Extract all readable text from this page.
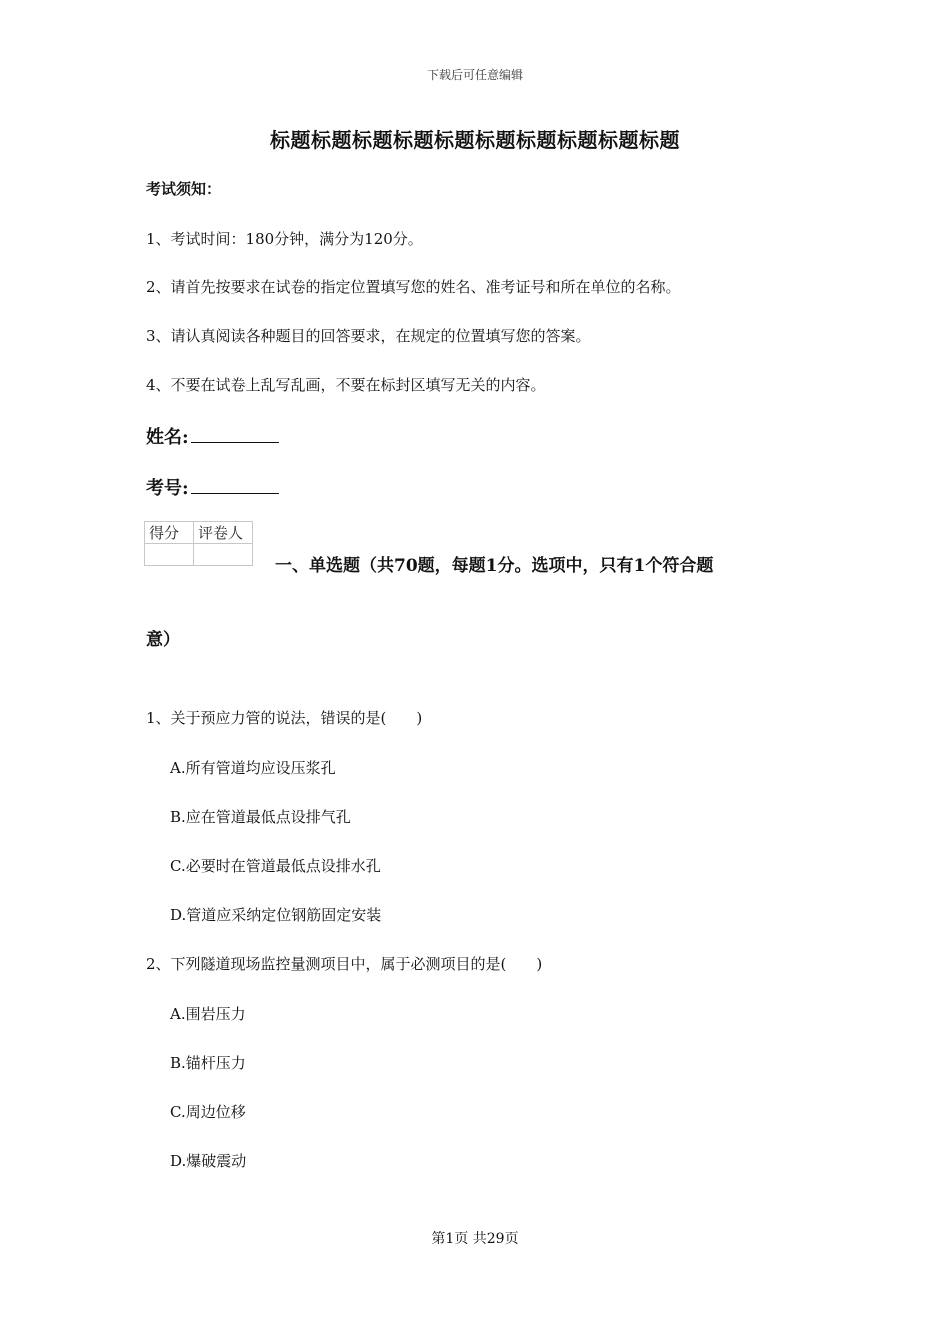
下载后可任意编辑
标题标题标题标题标题标题标题标题标题标题
考试须知：
1、考试时间：180分钟，满分为120分。
2、请首先按要求在试卷的指定位置填写您的姓名、准考证号和所在单位的名称。
3、请认真阅读各种题目的回答要求，在规定的位置填写您的答案。
4、不要在试卷上乱写乱画，不要在标封区填写无关的内容。
姓名:
考号:
得分	评卷人

一、单选题（共70题，每题1分。选项中，只有1个符合题
意）
1、关于预应力管的说法，错误的是(　　)
A.所有管道均应设压浆孔
B.应在管道最低点设排气孔
C.必要时在管道最低点设排水孔
D.管道应采纳定位钢筋固定安装
2、下列隧道现场监控量测项目中，属于必测项目的是(　　)
A.围岩压力
B.锚杆压力
C.周边位移
D.爆破震动
第1页 共29页
